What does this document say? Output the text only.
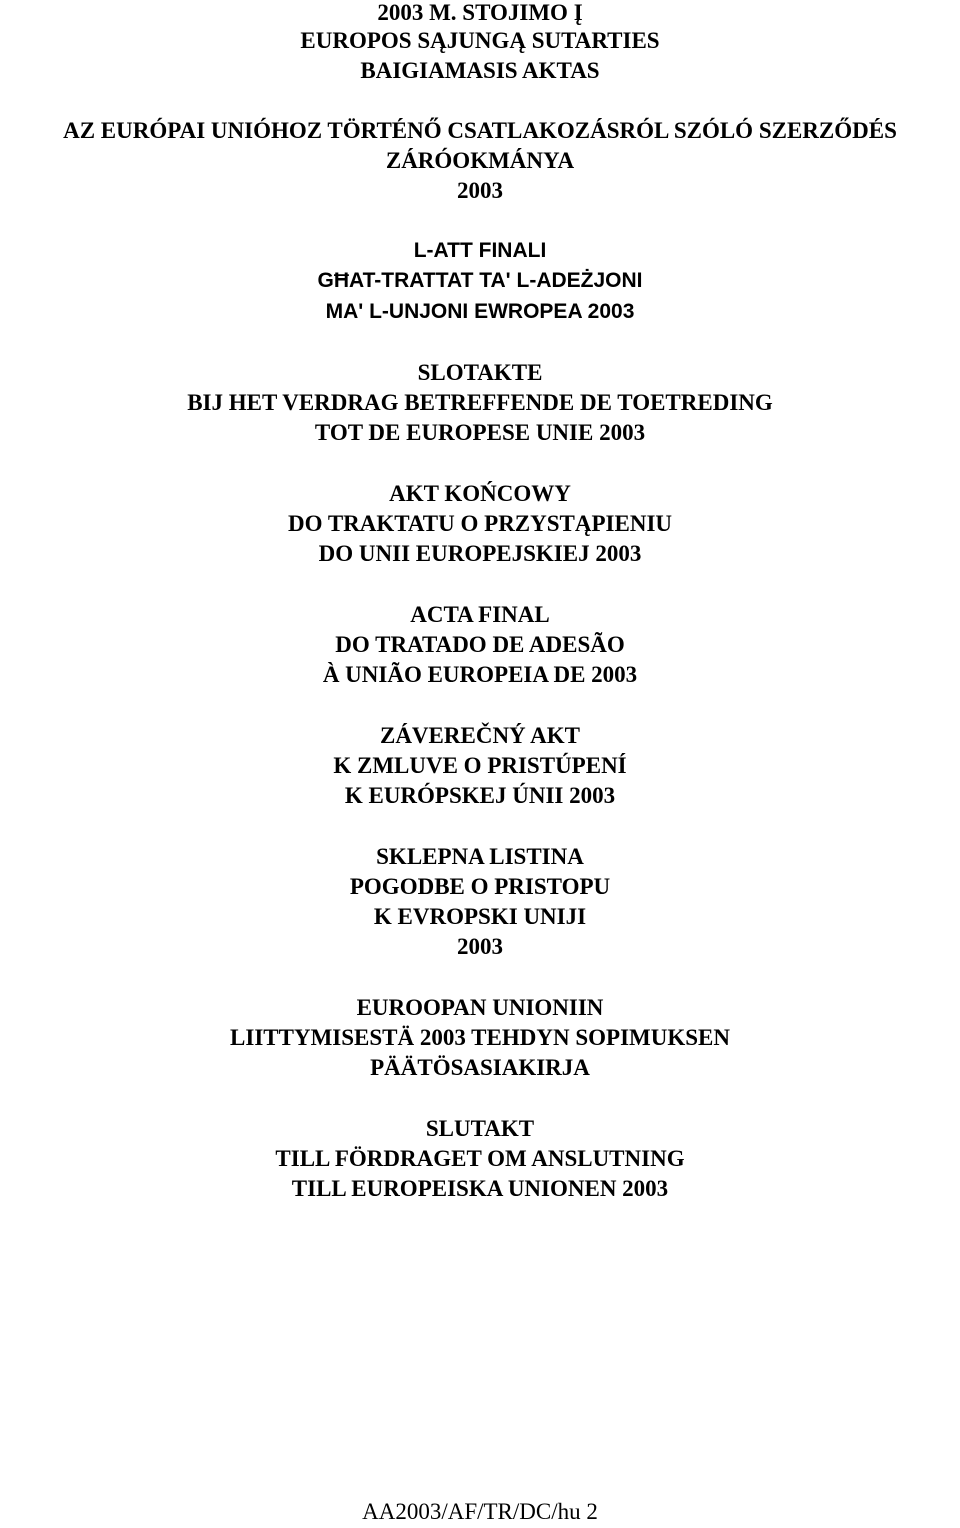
2003 M. STOJIMO Į
EUROPOS SĄJUNGĄ SUTARTIES
BAIGIAMASIS AKTAS
AZ EURÓPAI UNIÓHOZ TÖRTÉNŐ CSATLAKOZÁSRÓL SZÓLÓ SZERZŐDÉS
ZÁRÓOKMÁNYA
2003
L-ATT FINALI
GĦAT-TRATTAT TA' L-ADEŻJONI
MA' L-UNJONI EWROPEA 2003
SLOTAKTE
BIJ HET VERDRAG BETREFFENDE DE TOETREDING
TOT DE EUROPESE UNIE 2003
AKT KOŃCOWY
DO TRAKTATU O PRZYSTĄPIENIU
DO UNII EUROPEJSKIEJ 2003
ACTA FINAL
DO TRATADO DE ADESÃO
À UNIÃO EUROPEIA DE 2003
ZÁVEREČNÝ AKT
K ZMLUVE O PRISTÚPENÍ
K EURÓPSKEJ ÚNII 2003
SKLEPNA LISTINA
POGODBE O PRISTOPU
K EVROPSKI UNIJI
2003
EUROOPAN UNIONIIN
LIITTYMISESTÄ 2003 TEHDYN SOPIMUKSEN
PÄÄTÖSASIAKIRJA
SLUTAKT
TILL FÖRDRAGET OM ANSLUTNING
TILL EUROPEISKA UNIONEN 2003
AA2003/AF/TR/DC/hu 2
